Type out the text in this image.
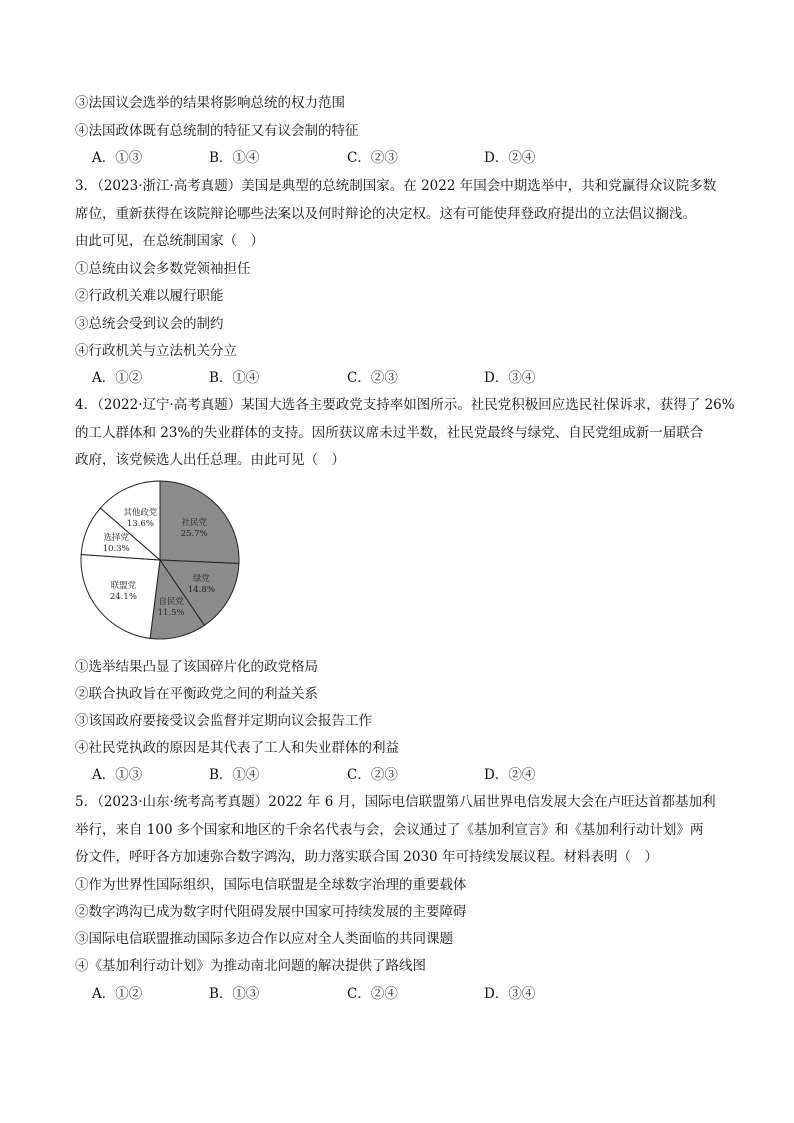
③法国议会选举的结果将影响总统的权力范围
④法国政体既有总统制的特征又有议会制的特征
A．①③	B．①④	C．②③	D．②④
3．（2023·浙江·高考真题）美国是典型的总统制国家。在 2022 年国会中期选举中，共和党赢得众议院多数
席位，重新获得在该院辩论哪些法案以及何时辩论的决定权。这有可能使拜登政府提出的立法倡议搁浅。
由此可见，在总统制国家（　）
①总统由议会多数党领袖担任
②行政机关难以履行职能
③总统会受到议会的制约
④行政机关与立法机关分立
A．①②	B．①④	C．②③	D．③④
4．（2022·辽宁·高考真题）某国大选各主要政党支持率如图所示。社民党积极回应选民社保诉求，获得了 26%
的工人群体和 23%的失业群体的支持。因所获议席未过半数，社民党最终与绿党、自民党组成新一届联合
政府，该党候选人出任总理。由此可见（　）
社民党
25.7%
绿党
14.8%
自民党
11.5%
联盟党
24.1%
选择党
10.3%
其他政党
13.6%
①选举结果凸显了该国碎片化的政党格局
②联合执政旨在平衡政党之间的利益关系
③该国政府要接受议会监督并定期向议会报告工作
④社民党执政的原因是其代表了工人和失业群体的利益
A．①③	B．①④	C．②③	D．②④
5．（2023·山东·统考高考真题）2022 年 6 月，国际电信联盟第八届世界电信发展大会在卢旺达首都基加利
举行，来自 100 多个国家和地区的千余名代表与会，会议通过了《基加利宣言》和《基加利行动计划》两
份文件，呼吁各方加速弥合数字鸿沟，助力落实联合国 2030 年可持续发展议程。材料表明（　）
①作为世界性国际组织，国际电信联盟是全球数字治理的重要载体
②数字鸿沟已成为数字时代阻碍发展中国家可持续发展的主要障碍
③国际电信联盟推动国际多边合作以应对全人类面临的共同课题
④《基加利行动计划》为推动南北问题的解决提供了路线图
A．①②	B．①③	C．②④	D．③④
